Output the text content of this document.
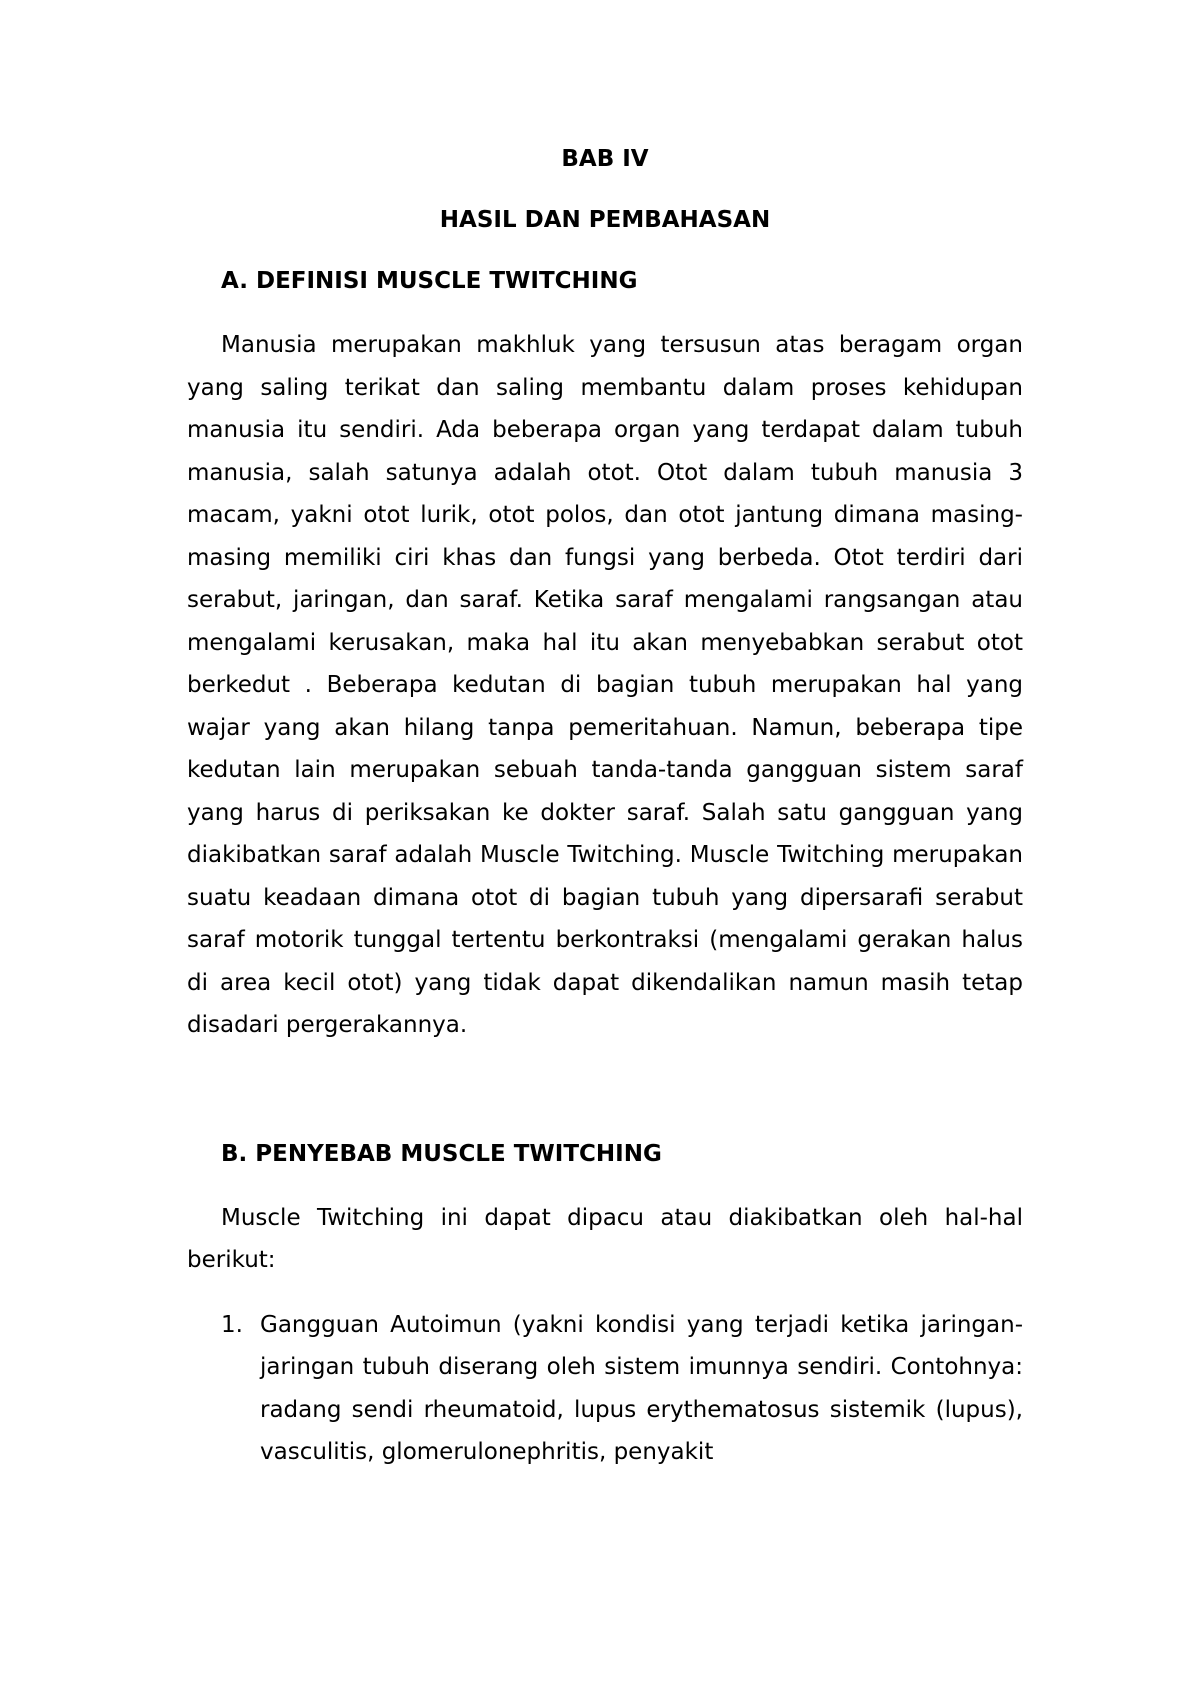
BAB IV
HASIL DAN PEMBAHASAN
A. DEFINISI MUSCLE TWITCHING

Manusia merupakan makhluk yang tersusun atas beragam organ yang saling terikat dan saling membantu dalam proses kehidupan manusia itu sendiri. Ada beberapa organ yang terdapat dalam tubuh manusia, salah satunya adalah otot. Otot dalam tubuh manusia 3 macam, yakni otot lurik, otot polos, dan otot jantung dimana masing-masing memiliki ciri khas dan fungsi yang berbeda. Otot terdiri dari serabut, jaringan, dan saraf. Ketika saraf mengalami rangsangan atau mengalami kerusakan, maka hal itu akan menyebabkan serabut otot berkedut . Beberapa kedutan di bagian tubuh merupakan hal yang wajar yang akan hilang tanpa pemeritahuan. Namun, beberapa tipe kedutan lain merupakan sebuah tanda-tanda gangguan sistem saraf yang harus di periksakan ke dokter saraf. Salah satu gangguan yang diakibatkan saraf adalah Muscle Twitching. Muscle Twitching merupakan suatu keadaan dimana otot di bagian tubuh yang dipersarafi serabut saraf motorik tunggal tertentu berkontraksi (mengalami gerakan halus di area kecil otot) yang tidak dapat dikendalikan namun masih tetap disadari pergerakannya.

B. PENYEBAB MUSCLE TWITCHING

Muscle Twitching ini dapat dipacu atau diakibatkan oleh hal-hal berikut:

1. Gangguan Autoimun (yakni kondisi yang terjadi ketika jaringan-jaringan tubuh diserang oleh sistem imunnya sendiri. Contohnya: radang sendi rheumatoid, lupus erythematosus sistemik (lupus), vasculitis, glomerulonephritis, penyakit
